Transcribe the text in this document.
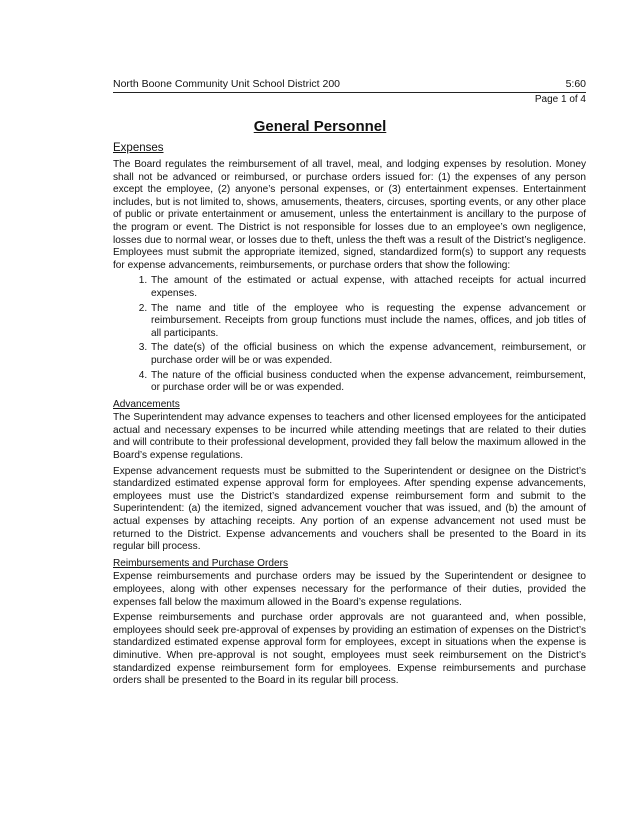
North Boone Community Unit School District 200	5:60
Page 1 of 4
General Personnel
Expenses

The Board regulates the reimbursement of all travel, meal, and lodging expenses by resolution. Money shall not be advanced or reimbursed, or purchase orders issued for: (1) the expenses of any person except the employee, (2) anyone’s personal expenses, or (3) entertainment expenses. Entertainment includes, but is not limited to, shows, amusements, theaters, circuses, sporting events, or any other place of public or private entertainment or amusement, unless the entertainment is ancillary to the purpose of the program or event. The District is not responsible for losses due to an employee’s own negligence, losses due to normal wear, or losses due to theft, unless the theft was a result of the District’s negligence. Employees must submit the appropriate itemized, signed, standardized form(s) to support any requests for expense advancements, reimbursements, or purchase orders that show the following:

1. The amount of the estimated or actual expense, with attached receipts for actual incurred expenses.
2. The name and title of the employee who is requesting the expense advancement or reimbursement. Receipts from group functions must include the names, offices, and job titles of all participants.
3. The date(s) of the official business on which the expense advancement, reimbursement, or purchase order will be or was expended.
4. The nature of the official business conducted when the expense advancement, reimbursement, or purchase order will be or was expended.
Advancements

The Superintendent may advance expenses to teachers and other licensed employees for the anticipated actual and necessary expenses to be incurred while attending meetings that are related to their duties and will contribute to their professional development, provided they fall below the maximum allowed in the Board’s expense regulations.

Expense advancement requests must be submitted to the Superintendent or designee on the District’s standardized estimated expense approval form for employees. After spending expense advancements, employees must use the District’s standardized expense reimbursement form and submit to the Superintendent: (a) the itemized, signed advancement voucher that was issued, and (b) the amount of actual expenses by attaching receipts. Any portion of an expense advancement not used must be returned to the District. Expense advancements and vouchers shall be presented to the Board in its regular bill process.

Reimbursements and Purchase Orders

Expense reimbursements and purchase orders may be issued by the Superintendent or designee to employees, along with other expenses necessary for the performance of their duties, provided the expenses fall below the maximum allowed in the Board’s expense regulations.

Expense reimbursements and purchase order approvals are not guaranteed and, when possible, employees should seek pre-approval of expenses by providing an estimation of expenses on the District’s standardized estimated expense approval form for employees, except in situations when the expense is diminutive. When pre-approval is not sought, employees must seek reimbursement on the District’s standardized expense reimbursement form for employees. Expense reimbursements and purchase orders shall be presented to the Board in its regular bill process.
